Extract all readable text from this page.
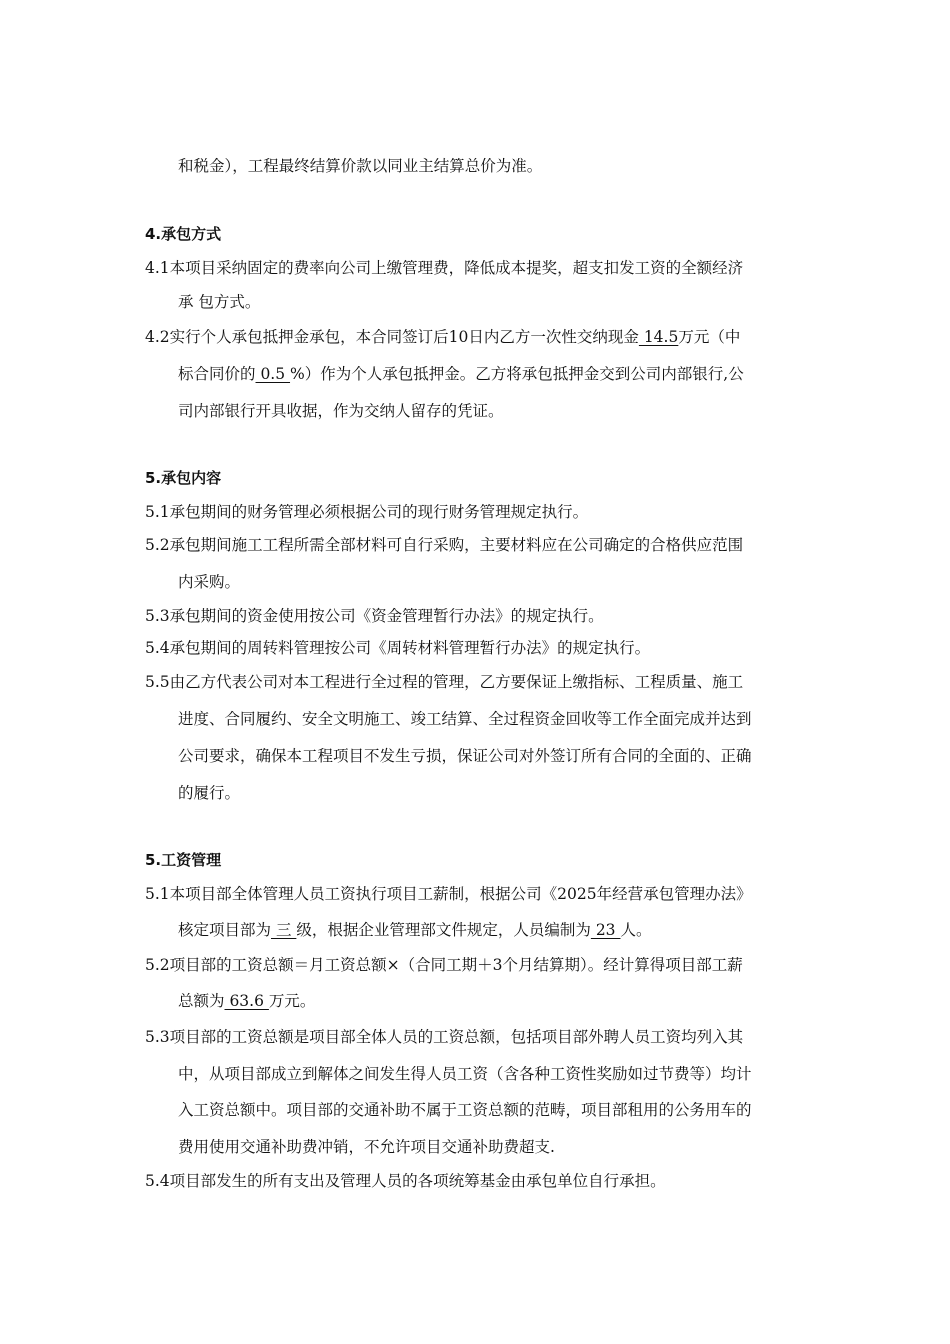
和税金），工程最终结算价款以同业主结算总价为准。
4.承包方式
4.1本项目采纳固定的费率向公司上缴管理费，降低成本提奖，超支扣发工资的全额经济
承 包方式。
4.2实行个人承包抵押金承包，本合同签订后10日内乙方一次性交纳现金 14.5万元（中
标合同价的 0.5 %）作为个人承包抵押金。乙方将承包抵押金交到公司内部银行,公
司内部银行开具收据，作为交纳人留存的凭证。
5.承包内容
5.1承包期间的财务管理必须根据公司的现行财务管理规定执行。
5.2承包期间施工工程所需全部材料可自行采购，主要材料应在公司确定的合格供应范围
内采购。
5.3承包期间的资金使用按公司《资金管理暂行办法》的规定执行。
5.4承包期间的周转料管理按公司《周转材料管理暂行办法》的规定执行。
5.5由乙方代表公司对本工程进行全过程的管理，乙方要保证上缴指标、工程质量、施工
进度、合同履约、安全文明施工、竣工结算、全过程资金回收等工作全面完成并达到
公司要求，确保本工程项目不发生亏损，保证公司对外签订所有合同的全面的、正确
的履行。
5.工资管理
5.1本项目部全体管理人员工资执行项目工薪制，根据公司《2025年经营承包管理办法》
核定项目部为 三 级，根据企业管理部文件规定，人员编制为 23 人。
5.2项目部的工资总额＝月工资总额×（合同工期＋3个月结算期）。经计算得项目部工薪
总额为 63.6 万元。
5.3项目部的工资总额是项目部全体人员的工资总额，包括项目部外聘人员工资均列入其
中，从项目部成立到解体之间发生得人员工资（含各种工资性奖励如过节费等）均计
入工资总额中。项目部的交通补助不属于工资总额的范畴，项目部租用的公务用车的
费用使用交通补助费冲销，不允许项目交通补助费超支.
5.4项目部发生的所有支出及管理人员的各项统筹基金由承包单位自行承担。
